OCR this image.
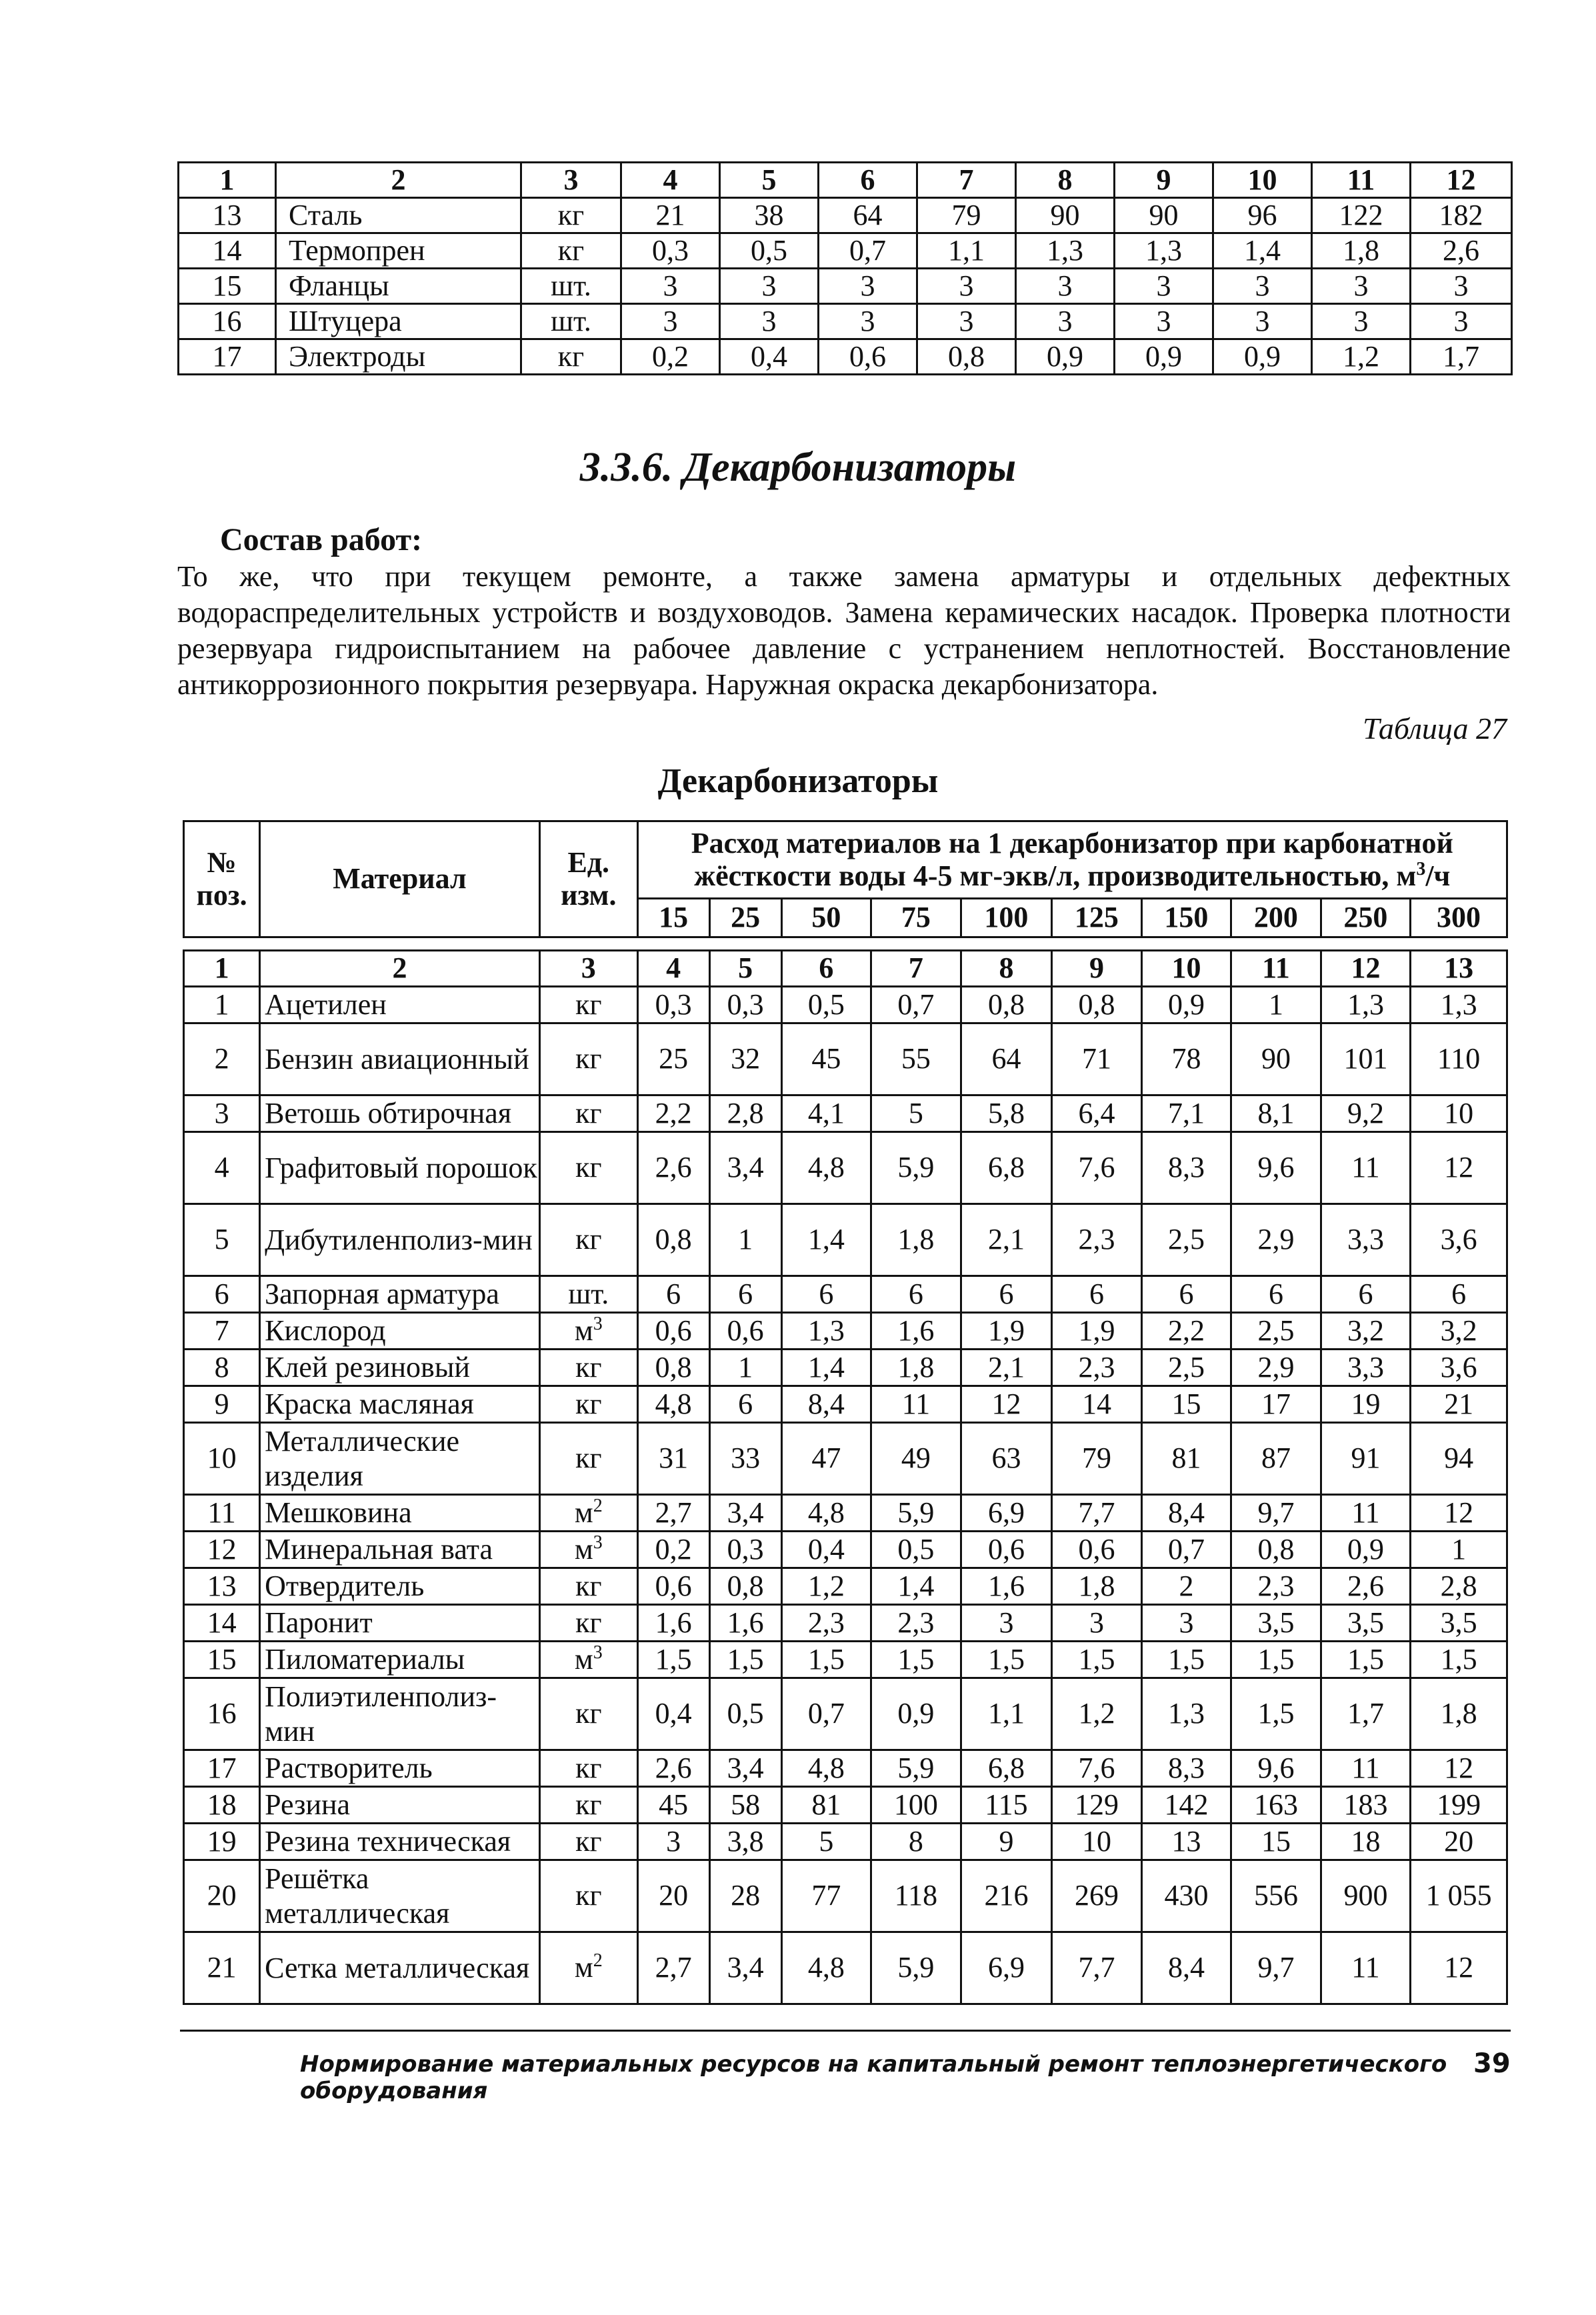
1	2	3	4	5	6	7	8	9	10	11	12
13	Сталь	кг	21	38	64	79	90	90	96	122	182
14	Термопрен	кг	0,3	0,5	0,7	1,1	1,3	1,3	1,4	1,8	2,6
15	Фланцы	шт.	3	3	3	3	3	3	3	3	3
16	Штуцера	шт.	3	3	3	3	3	3	3	3	3
17	Электроды	кг	0,2	0,4	0,6	0,8	0,9	0,9	0,9	1,2	1,7
3.3.6. Декарбонизаторы
Состав работ:
То же, что при текущем ремонте, а также замена арматуры и отдельных дефектных водораспределительных устройств и воздуховодов. Замена керамических насадок. Проверка плотности резервуара гидроиспытанием на рабочее давление с устранением неплотностей. Восстановление антикоррозионного покрытия резервуара. Наружная окраска декарбонизатора.
Таблица 27
Декарбонизаторы
№ поз.	Материал	Ед. изм.	Расход материалов на 1 декарбонизатор при карбонатной жёсткости воды 4-5 мг-экв/л, производительностью, $м^3/ч$									
			15	25	50	75	100	125	150	200	250	300
1	2	3	4	5	6	7	8	9	10	11	12	13
1	Ацетилен	кг	0,3	0,3	0,5	0,7	0,8	0,8	0,9	1	1,3	1,3
2	Бензин авиационный	кг	25	32	45	55	64	71	78	90	101	110
3	Ветошь обтирочная	кг	2,2	2,8	4,1	5	5,8	6,4	7,1	8,1	9,2	10
4	Графитовый порошок	кг	2,6	3,4	4,8	5,9	6,8	7,6	8,3	9,6	11	12
5	Дибутиленполиз-мин	кг	0,8	1	1,4	1,8	2,1	2,3	2,5	2,9	3,3	3,6
6	Запорная арматура	шт.	6	6	6	6	6	6	6	6	6	6
7	Кислород	$м^3$	0,6	0,6	1,3	1,6	1,9	1,9	2,2	2,5	3,2	3,2
8	Клей резиновый	кг	0,8	1	1,4	1,8	2,1	2,3	2,5	2,9	3,3	3,6
9	Краска масляная	кг	4,8	6	8,4	11	12	14	15	17	19	21
10	Металлические изделия	кг	31	33	47	49	63	79	81	87	91	94
11	Мешковина	$м^2$	2,7	3,4	4,8	5,9	6,9	7,7	8,4	9,7	11	12
12	Минеральная вата	$м^3$	0,2	0,3	0,4	0,5	0,6	0,6	0,7	0,8	0,9	1
13	Отвердитель	кг	0,6	0,8	1,2	1,4	1,6	1,8	2	2,3	2,6	2,8
14	Паронит	кг	1,6	1,6	2,3	2,3	3	3	3	3,5	3,5	3,5
15	Пиломатериалы	$м^3$	1,5	1,5	1,5	1,5	1,5	1,5	1,5	1,5	1,5	1,5
16	Полиэтиленполиз-мин	кг	0,4	0,5	0,7	0,9	1,1	1,2	1,3	1,5	1,7	1,8
17	Растворитель	кг	2,6	3,4	4,8	5,9	6,8	7,6	8,3	9,6	11	12
18	Резина	кг	45	58	81	100	115	129	142	163	183	199
19	Резина техническая	кг	3	3,8	5	8	9	10	13	15	18	20
20	Решётка металлическая	кг	20	28	77	118	216	269	430	556	900	1 055
21	Сетка металлическая	$м^2$	2,7	3,4	4,8	5,9	6,9	7,7	8,4	9,7	11	12
Нормирование материальных ресурсов на капитальный ремонт теплоэнергетического оборудования
39
